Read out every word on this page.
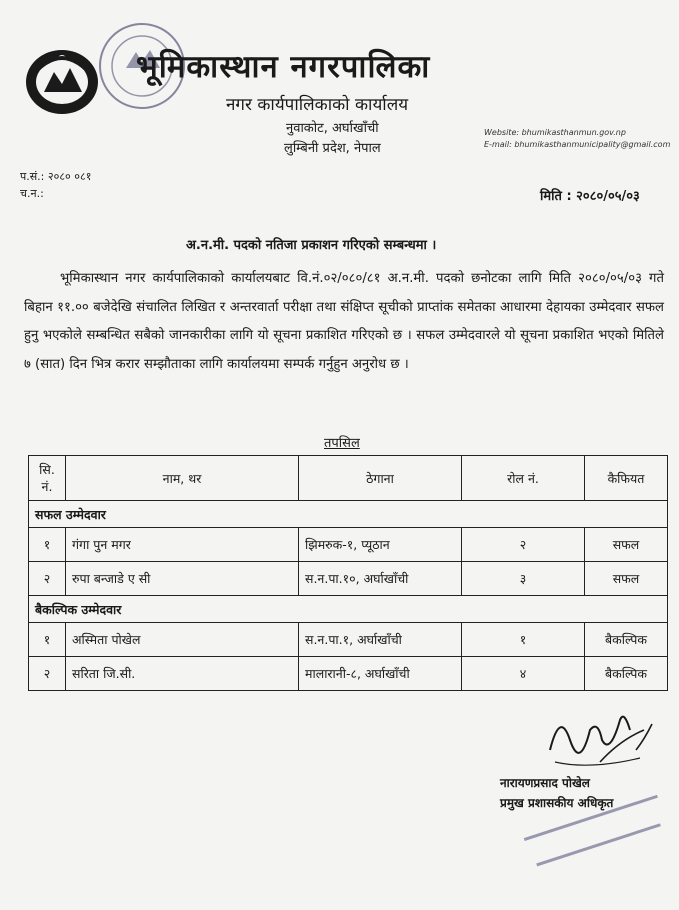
भूमिकास्थान नगरपालिका
नगर कार्यपालिकाको कार्यालय
नुवाकोट, अर्घाखाँची
लुम्बिनी प्रदेश, नेपाल
Website: bhumikasthanmun.gov.np
E-mail: bhumikasthanmunicipality@gmail.com
प.सं.: २०८० ०८१
च.न.:	मिति : २०८०/०५/०३
अ.न.मी. पदको नतिजा प्रकाशन गरिएको सम्बन्धमा ।
भूमिकास्थान नगर कार्यपालिकाको कार्यालयबाट वि.नं.०२/०८०/८१ अ.न.मी. पदको छनोटका लागि मिति २०८०/०५/०३ गते बिहान ११.०० बजेदेखि संचालित लिखित र अन्तरवार्ता परीक्षा तथा संक्षिप्त सूचीको प्राप्तांक समेतका आधारमा देहायका उम्मेदवार सफल हुनु भएकोले सम्बन्धित सबैको जानकारीका लागि यो सूचना प्रकाशित गरिएको छ । सफल उम्मेदवारले यो सूचना प्रकाशित भएको मितिले ७ (सात) दिन भित्र करार सम्झौताका लागि कार्यालयमा सम्पर्क गर्नुहुन अनुरोध छ ।
तपसिल
सि. नं.	नाम, थर	ठेगाना	रोल नं.	कैफियत
सफल उम्मेदवार				
१	गंगा पुन मगर	झिमरुक-१, प्यूठान	२	सफल
२	रुपा बन्जाडे ए सी	स.न.पा.१०, अर्घाखाँची	३	सफल
बैकल्पिक उम्मेदवार				
१	अस्मिता पोखेल	स.न.पा.१, अर्घाखाँची	१	बैकल्पिक
२	सरिता जि.सी.	मालारानी-८, अर्घाखाँची	४	बैकल्पिक
नारायणप्रसाद पोखेल
प्रमुख प्रशासकीय अधिकृत
